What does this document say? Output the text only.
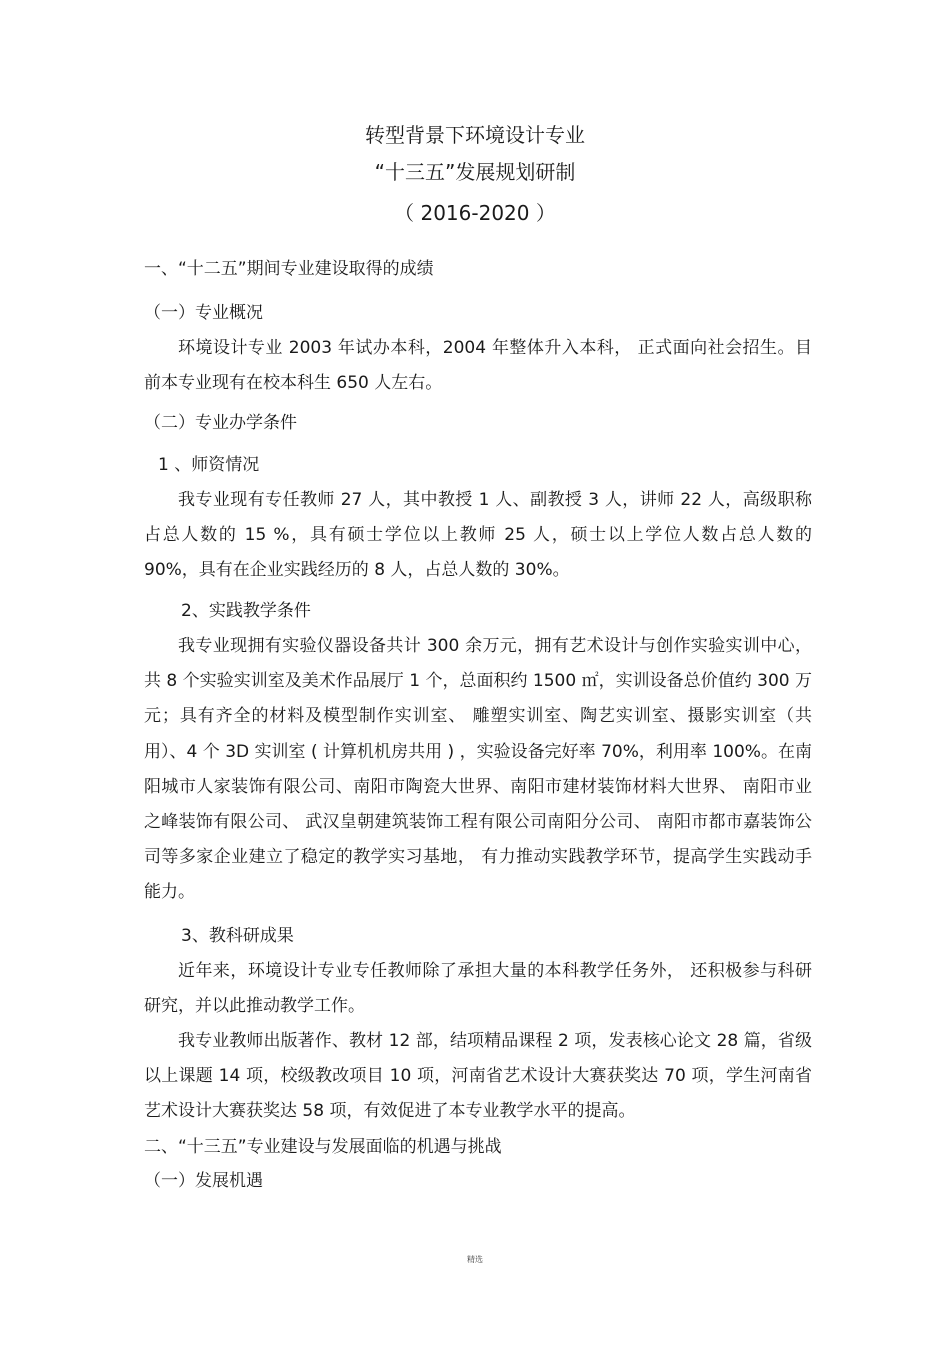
转型背景下环境设计专业
“十三五”发展规划研制
（ 2016-2020 ）
一、“十二五”期间专业建设取得的成绩
（一）专业概况

环境设计专业 2003 年试办本科，2004 年整体升入本科， 正式面向社会招生。目前本专业现有在校本科生 650 人左右。

（二）专业办学条件
1 、师资情况

我专业现有专任教师 27 人，其中教授 1 人、副教授 3 人，讲师 22 人，高级职称占总人数的 15 %，具有硕士学位以上教师 25 人，硕士以上学位人数占总人数的 90%，具有在企业实践经历的 8 人，占总人数的 30%。

2、实践教学条件

我专业现拥有实验仪器设备共计 300 余万元，拥有艺术设计与创作实验实训中心，共 8 个实验实训室及美术作品展厅 1 个，总面积约 1500 ㎡，实训设备总价值约 300 万元；具有齐全的材料及模型制作实训室、 雕塑实训室、陶艺实训室、摄影实训室（共用）、4 个 3D 实训室 ( 计算机机房共用 ) ，实验设备完好率 70%，利用率 100%。在南阳城市人家装饰有限公司、南阳市陶瓷大世界、南阳市建材装饰材料大世界、 南阳市业之峰装饰有限公司、 武汉皇朝建筑装饰工程有限公司南阳分公司、 南阳市都市嘉装饰公司等多家企业建立了稳定的教学实习基地， 有力推动实践教学环节，提高学生实践动手能力。

3、教科研成果

近年来，环境设计专业专任教师除了承担大量的本科教学任务外， 还积极参与科研研究，并以此推动教学工作。

我专业教师出版著作、教材 12 部，结项精品课程 2 项，发表核心论文 28 篇，省级以上课题 14 项，校级教改项目 10 项，河南省艺术设计大赛获奖达 70 项，学生河南省艺术设计大赛获奖达 58 项，有效促进了本专业教学水平的提高。

二、“十三五”专业建设与发展面临的机遇与挑战
（一）发展机遇
精选
